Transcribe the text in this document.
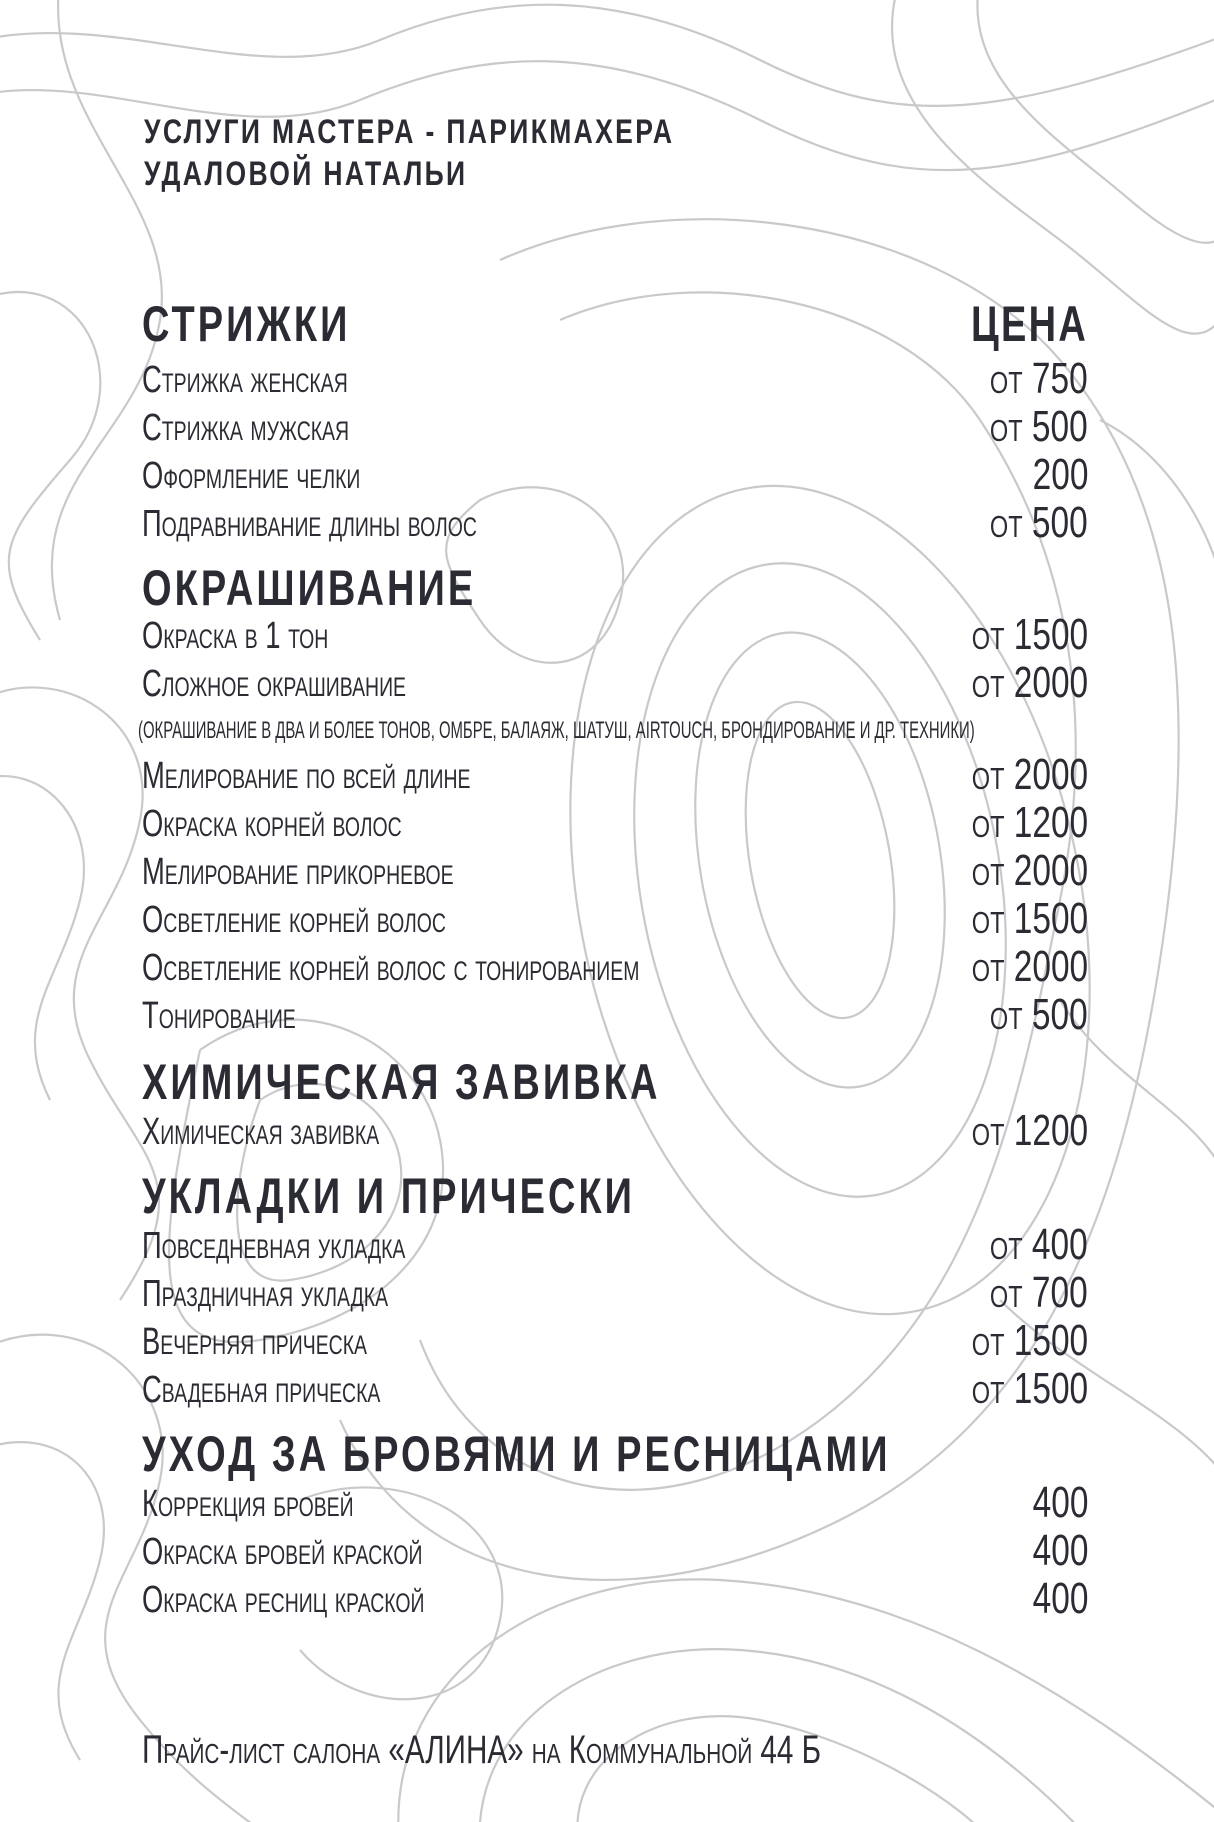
УСЛУГИ МАСТЕРА - ПАРИКМАХЕРА
УДАЛОВОЙ НАТАЛЬИ
СТРИЖКИ	ЦЕНА
Стрижка женская	от 750
Стрижка мужская	от 500
Оформление челки	200
Подравнивание длины волос	от 500
ОКРАШИВАНИЕ
Окраска в 1 тон	от 1500
Сложное окрашивание	от 2000
(ОКРАШИВАНИЕ В ДВА И БОЛЕЕ ТОНОВ, ОМБРЕ, БАЛАЯЖ, ШАТУШ, AIRTOUCH, БРОНДИРОВАНИЕ И ДР. ТЕХНИКИ)
Мелирование по всей длине	от 2000
Окраска корней волос	от 1200
Мелирование прикорневое	от 2000
Осветление корней волос	от 1500
Осветление корней волос с тонированием	от 2000
Тонирование	от 500
ХИМИЧЕСКАЯ ЗАВИВКА
Химическая завивка	от 1200
УКЛАДКИ И ПРИЧЕСКИ
Повседневная укладка	от 400
Праздничная укладка	от 700
Вечерняя прическа	от 1500
Свадебная прическа	от 1500
УХОД ЗА БРОВЯМИ И РЕСНИЦАМИ
Коррекция бровей	400
Окраска бровей краской	400
Окраска ресниц краской	400
Прайс-лист салона «АЛИНА» на Коммунальной 44 Б
